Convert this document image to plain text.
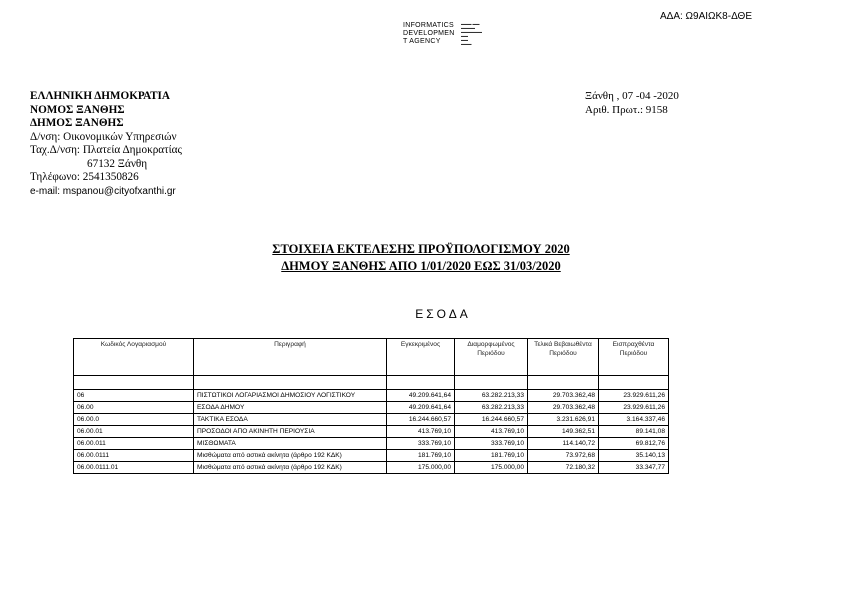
ΑΔΑ: Ω9ΑΙΩΚ8-ΔΘΕ
INFORMATICS
DEVELOPMEN
T AGENCY
▬▬▬ ▬▬
▬▬▬▬
▬▬▬▬▬▬
▬▬
▬▬
▬▬▬
ΕΛΛΗΝΙΚΗ ΔΗΜΟΚΡΑΤΙΑ
ΝΟΜΟΣ ΞΑΝΘΗΣ
ΔΗΜΟΣ ΞΑΝΘΗΣ
Δ/νση: Οικονομικών Υπηρεσιών
Ταχ.Δ/νση: Πλατεία Δημοκρατίας
67132 Ξάνθη
Τηλέφωνο: 2541350826
e-mail: mspanou@cityofxanthi.gr
Ξάνθη , 07 -04 -2020
Αριθ. Πρωτ.: 9158
ΣΤΟΙΧΕΙΑ ΕΚΤΕΛΕΣΗΣ ΠΡΟΫΠΟΛΟΓΙΣΜΟΥ 2020
ΔΗΜΟΥ ΞΑΝΘΗΣ ΑΠΟ 1/01/2020 ΕΩΣ 31/03/2020
ΕΣΟΔΑ
Κωδικός Λογαριασμού	Περιγραφή	Εγκεκριμένος	Διαμορφωμένος Περιόδου	Τελικά Βεβαιωθέντα Περιόδου	Εισπραχθέντα Περιόδου

06	ΠΙΣΤΩΤΙΚΟΙ ΛΟΓΑΡΙΑΣΜΟΙ ΔΗΜΟΣΙΟΥ ΛΟΓΙΣΤΙΚΟΥ	49.209.641,64	63.282.213,33	29.703.362,48	23.929.611,26
06.00	ΕΣΟΔΑ ΔΗΜΟΥ	49.209.641,64	63.282.213,33	29.703.362,48	23.929.611,26
06.00.0	ΤΑΚΤΙΚΑ ΕΣΟΔΑ	16.244.660,57	16.244.660,57	3.231.626,91	3.164.337,46
06.00.01	ΠΡΟΣΟΔΟΙ ΑΠΟ ΑΚΙΝΗΤΗ ΠΕΡΙΟΥΣΙΑ	413.769,10	413.769,10	149.362,51	89.141,08
06.00.011	ΜΙΣΘΩΜΑΤΑ	333.769,10	333.769,10	114.140,72	69.812,76
06.00.0111	Μισθώματα από αστικά ακίνητα (άρθρο 192 ΚΔΚ)	181.769,10	181.769,10	73.972,68	35.140,13
06.00.0111.01	Μισθώματα από αστικά ακίνητα (άρθρο 192 ΚΔΚ)	175.000,00	175.000,00	72.180,32	33.347,77
